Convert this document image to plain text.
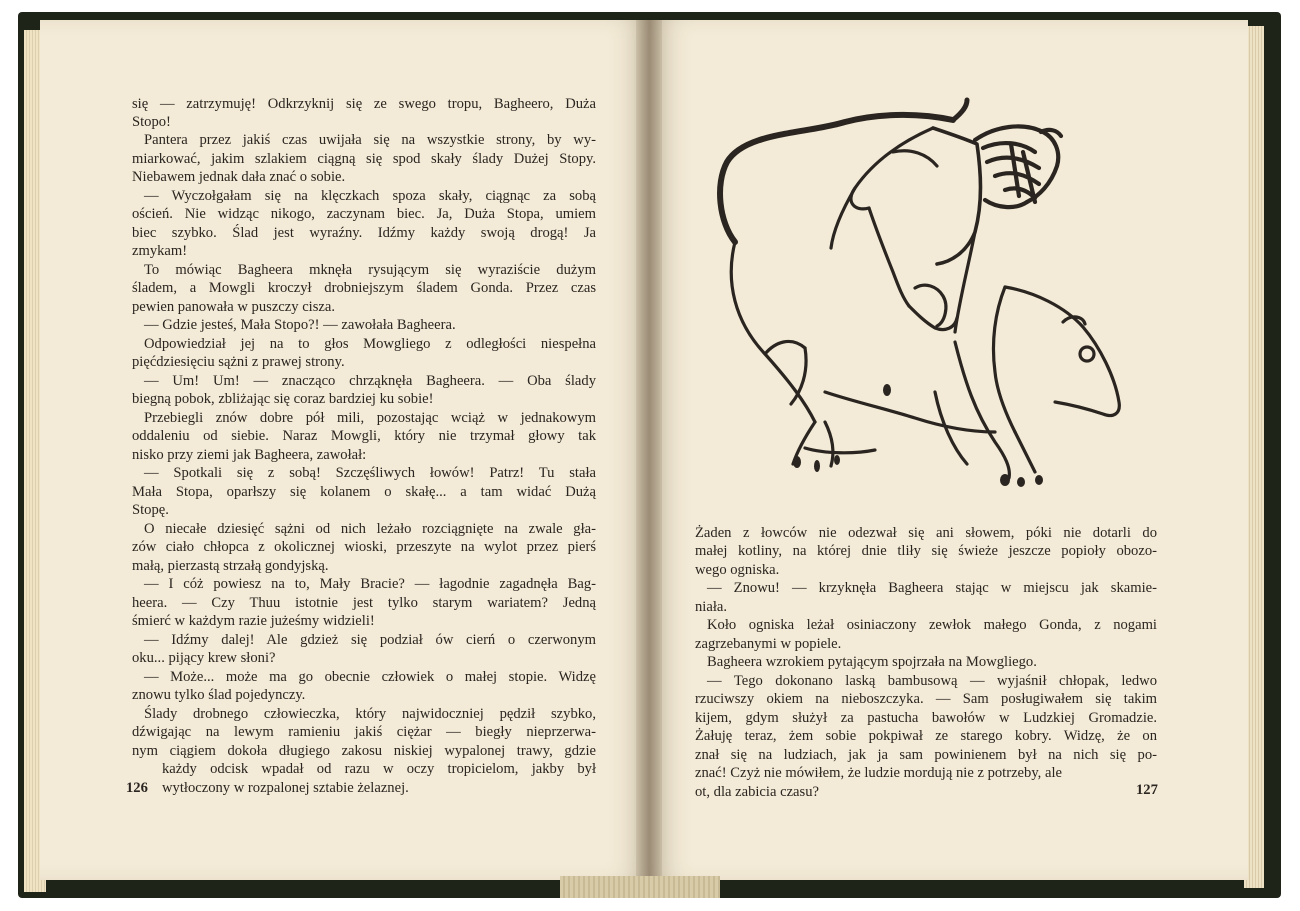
się — zatrzymuję! Odkrzyknij się ze swego tropu, Bagheero, Duża
Stopo!
Pantera przez jakiś czas uwijała się na wszystkie strony, by wy-
miarkować, jakim szlakiem ciągną się spod skały ślady Dużej Stopy.
Niebawem jednak dała znać o sobie.
— Wyczołgałam się na klęczkach spoza skały, ciągnąc za sobą
oścień. Nie widząc nikogo, zaczynam biec. Ja, Duża Stopa, umiem
biec szybko. Ślad jest wyraźny. Idźmy każdy swoją drogą! Ja
zmykam!
To mówiąc Bagheera mknęła rysującym się wyraziście dużym
śladem, a Mowgli kroczył drobniejszym śladem Gonda. Przez czas
pewien panowała w puszczy cisza.
— Gdzie jesteś, Mała Stopo?! — zawołała Bagheera.
Odpowiedział jej na to głos Mowgliego z odległości niespełna
pięćdziesięciu sążni z prawej strony.
— Um! Um! — znacząco chrząknęła Bagheera. — Oba ślady
biegną pobok, zbliżając się coraz bardziej ku sobie!
Przebiegli znów dobre pół mili, pozostając wciąż w jednakowym
oddaleniu od siebie. Naraz Mowgli, który nie trzymał głowy tak
nisko przy ziemi jak Bagheera, zawołał:
— Spotkali się z sobą! Szczęśliwych łowów! Patrz! Tu stała
Mała Stopa, oparłszy się kolanem o skałę... a tam widać Dużą
Stopę.
O niecałe dziesięć sążni od nich leżało rozciągnięte na zwale gła-
zów ciało chłopca z okolicznej wioski, przeszyte na wylot przez pierś
małą, pierzastą strzałą gondyjską.
— I cóż powiesz na to, Mały Bracie? — łagodnie zagadnęła Bag-
heera. — Czy Thuu istotnie jest tylko starym wariatem? Jedną
śmierć w każdym razie jużeśmy widzieli!
— Idźmy dalej! Ale gdzież się podział ów cierń o czerwonym
oku... pijący krew słoni?
— Może... może ma go obecnie człowiek o małej stopie. Widzę
znowu tylko ślad pojedynczy.
Ślady drobnego człowieczka, który najwidoczniej pędził szybko,
dźwigając na lewym ramieniu jakiś ciężar — biegły nieprzerwa-
nym ciągiem dokoła długiego zakosu niskiej wypalonej trawy, gdzie
każdy odcisk wpadał od razu w oczy tropicielom, jakby był
wytłoczony w rozpalonej sztabie żelaznej.
126
Żaden z łowców nie odezwał się ani słowem, póki nie dotarli do
małej kotliny, na której dnie tliły się świeże jeszcze popioły obozo-
wego ogniska.
— Znowu! — krzyknęła Bagheera stając w miejscu jak skamie-
niała.
Koło ogniska leżał osiniaczony zewłok małego Gonda, z nogami
zagrzebanymi w popiele.
Bagheera wzrokiem pytającym spojrzała na Mowgliego.
— Tego dokonano laską bambusową — wyjaśnił chłopak, ledwo
rzuciwszy okiem na nieboszczyka. — Sam posługiwałem się takim
kijem, gdym służył za pastucha bawołów w Ludzkiej Gromadzie.
Żałuję teraz, żem sobie pokpiwał ze starego kobry. Widzę, że on
znał się na ludziach, jak ja sam powinienem był na nich się po-
znać! Czyż nie mówiłem, że ludzie mordują nie z potrzeby, ale
ot, dla zabicia czasu?	127
